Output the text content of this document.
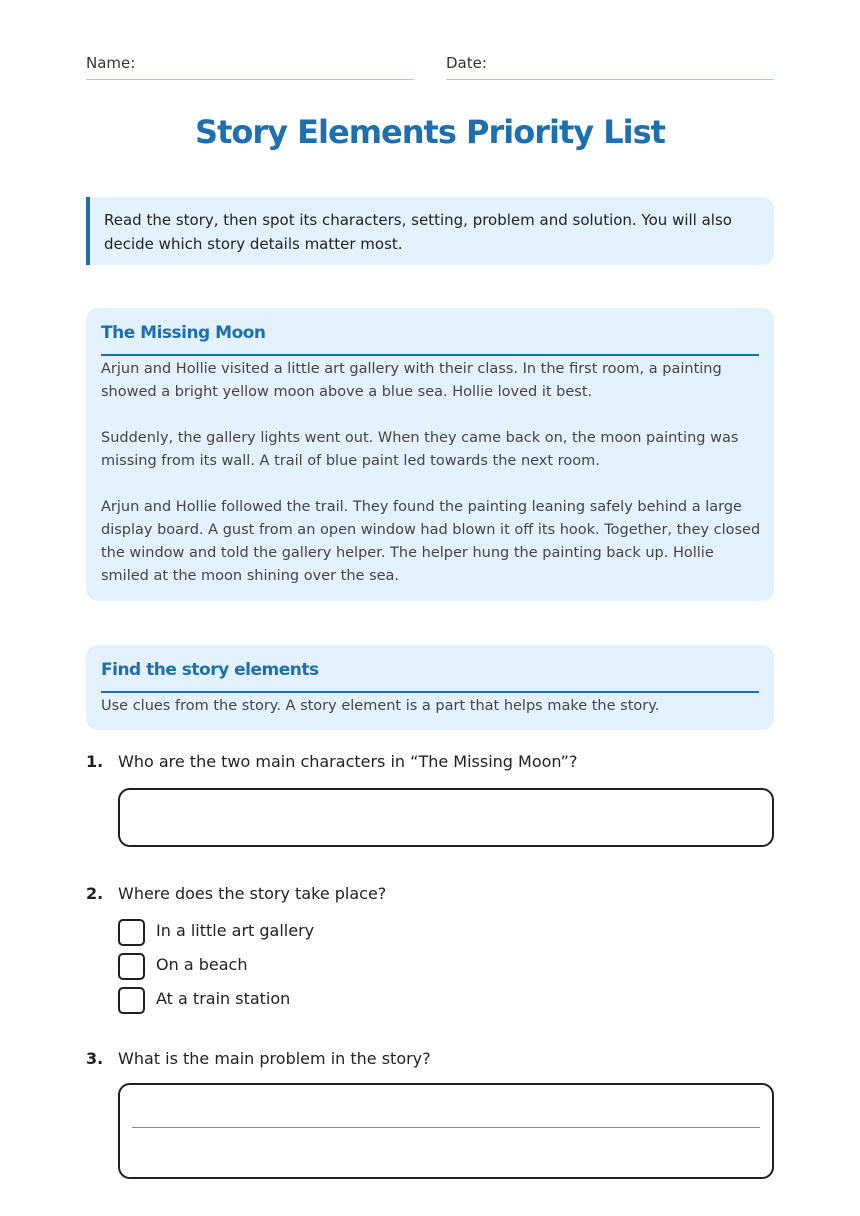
Name:	Date:
Story Elements Priority List
Read the story, then spot its characters, setting, problem and solution. You will also decide which story details matter most.
The Missing Moon

Arjun and Hollie visited a little art gallery with their class. In the first room, a painting showed a bright yellow moon above a blue sea. Hollie loved it best.

Suddenly, the gallery lights went out. When they came back on, the moon painting was missing from its wall. A trail of blue paint led towards the next room.

Arjun and Hollie followed the trail. They found the painting leaning safely behind a large display board. A gust from an open window had blown it off its hook. Together, they closed the window and told the gallery helper. The helper hung the painting back up. Hollie smiled at the moon shining over the sea.

Find the story elements
Use clues from the story. A story element is a part that helps make the story.
1. Who are the two main characters in “The Missing Moon”?
2. Where does the story take place?
In a little art gallery
On a beach
At a train station
3. What is the main problem in the story?
